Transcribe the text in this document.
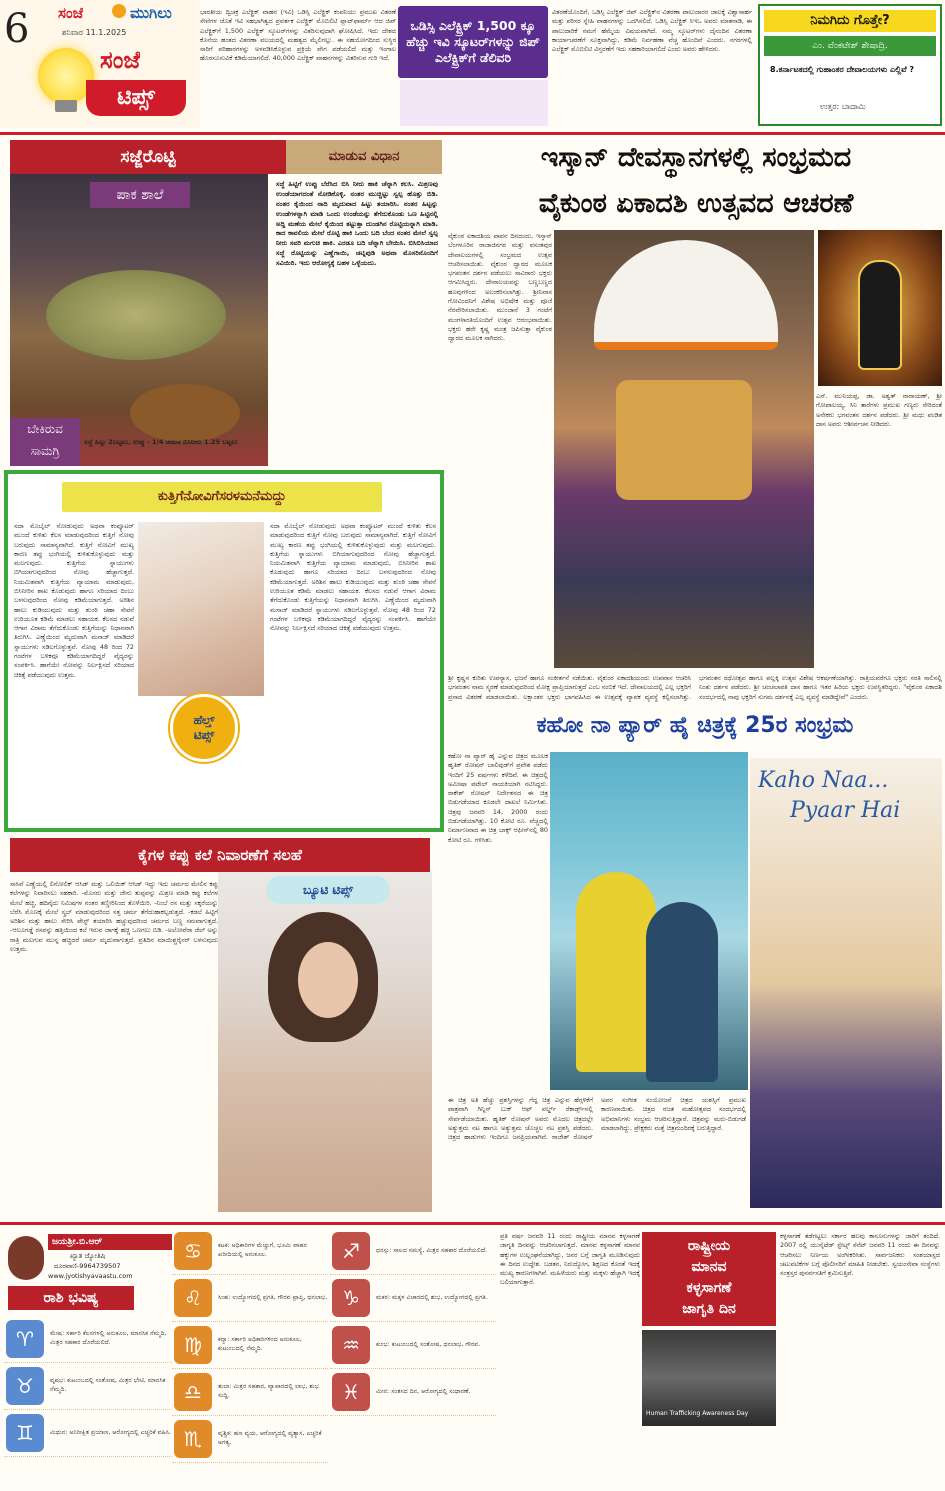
6 ಸಂಜೆ	ಮುಗಿಲು
ಶನಿವಾರ 11.1.2025
ಸಂಜೆ
ಟಿಪ್ಸ್
ಭಾರತೀಯ ದ್ವಿಚಕ್ರ ಎಲೆಕ್ಟ್ರಿಕ್ ವಾಹನ (ಇವಿ) ಒಡಿಸ್ಸಿ ಎಲೆಕ್ಟ್ರಿಕ್ ಕಂಪನಿಯು ಪ್ರಮುಖ ವಿತರಣೆ ಸೇವೆಗಳ ಜೊತೆ ಇವಿ ಸಹಭಾಗಿತ್ವದ ಪ್ರವರ್ತಕ ಎಲೆಕ್ಟ್ರಿಕ್ ಮೊಬಿಲಿಟಿ ಪ್ಲಾಟ್‌ಫಾರ್ಮ್ ಆದ ಜಿಪ್ ಎಲೆಕ್ಟ್ರಿಕ್‌ಗೆ 1,500 ಎಲೆಕ್ಟ್ರಿಕ್ ಸ್ಕೂಟರ್‌ಗಳನ್ನು ವಿತರಿಸುವುದಾಗಿ ಘೋಷಿಸಿದೆ. ಇದು ದೇಶದ ಕೊನೆಯ ಹಂತದ ವಿತರಣಾ ವಲಯದಲ್ಲಿ ಮಹತ್ವದ ಮೈಲಿಗಲ್ಲು. ಈ ಸಹಯೋಗದಿಂದ ಸುಸ್ಥಿರ ಸಾರಿಗೆ ಪರಿಹಾರಗಳನ್ನು ಅಳವಡಿಸಿಕೊಳ್ಳುವ ಪ್ರಕ್ರಿಯೆ ವೇಗ ಪಡೆಯಲಿದೆ ಮತ್ತು ಇಂಗಾಲ ಹೊರಸೂಸುವಿಕೆ ಕಡಿಮೆಯಾಗಲಿದೆ. 40,000 ಎಲೆಕ್ಟ್ರಿಕ್ ವಾಹನಗಳನ್ನು ವಿತರಿಸುವ ಗುರಿ ಇದೆ.
ಒಡಿಸ್ಸಿ ಎಲೆಕ್ಟ್ರಿಕ್ 1,500 ಕ್ಕೂ ಹೆಚ್ಚು ಇವಿ ಸ್ಕೂಟರ್‌ಗಳನ್ನು ಜಿಪ್ ಎಲೆಕ್ಟ್ರಿಕ್‌ಗೆ ಡೆಲಿವರಿ
ವಿತರಣೆಯೊಂದಿಗೆ, ಒಡಿಸ್ಸಿ ಎಲೆಕ್ಟ್ರಿಕ್ ಜಿಪ್ ಎಲೆಕ್ಟ್ರಿಕ್‌ನ ವಿತರಣಾ ಪಾಲುದಾರರ ಜಾಲಕ್ಕೆ ವಿಶ್ವಾಸಾರ್ಹ ಮತ್ತು ಪರಿಸರ ಸ್ನೇಹಿ ವಾಹನಗಳನ್ನು ಒದಗಿಸಲಿದೆ. ಒಡಿಸ್ಸಿ ಎಲೆಕ್ಟ್ರಿಕ್ ಸಿಇಒ ಅವರು ಮಾತನಾಡಿ, ಈ ಪಾಲುದಾರಿಕೆ ನಮಗೆ ಹೆಮ್ಮೆಯ ವಿಷಯವಾಗಿದೆ. ನಮ್ಮ ಸ್ಕೂಟರ್‌ಗಳು ದೈನಂದಿನ ವಿತರಣಾ ಕಾರ್ಯಾಚರಣೆಗೆ ಸೂಕ್ತವಾಗಿದ್ದು, ಕಡಿಮೆ ನಿರ್ವಹಣಾ ವೆಚ್ಚ ಹೊಂದಿವೆ ಎಂದರು. ನಗರಗಳಲ್ಲಿ ಎಲೆಕ್ಟ್ರಿಕ್ ಮೊಬಿಲಿಟಿ ವಿಸ್ತರಣೆಗೆ ಇದು ಸಹಕಾರಿಯಾಗಲಿದೆ ಎಂದು ಅವರು ಹೇಳಿದರು.
ನಿಮಗಿದು ಗೊತ್ತೇ?
ಎಂ. ವೆಂಕಟೇಶ್ ಶೇಷಾದ್ರಿ.
8.ಕರ್ನಾಟಕದಲ್ಲಿ ಗುಹಾಂತರ ದೇವಾಲಯಗಳು ಎಲ್ಲಿವೆ ?
ಉತ್ತರ: ಬಾದಾಮಿ
ಸಜ್ಜೆರೊಟ್ಟಿ	ಮಾಡುವ ವಿಧಾನ
ಪಾಕ ಶಾಲೆ
ಬೇಕಿರುವ
ಸಾಮಗ್ರಿ
ಸಜ್ಜೆ ಹಿಟ್ಟು 2ಬಟ್ಟಲು, ಉಪ್ಪು - 1/4 ಚಮಚ ಬಿಸಿನೀರು 1.25 ಬಟ್ಟಲು
ಸಜ್ಜೆ ಹಿಟ್ಟಿಗೆ ಉಪ್ಪು ಬೆರೆಸಿದ ಬಿಸಿ ನೀರು ಹಾಕಿ ಚೆನ್ನಾಗಿ ಕಲಸಿ. ಮಿಶ್ರಣವು ಉಂಡೆಯಾಗದಂತೆ ನೋಡಿಕೊಳ್ಳಿ. ನಂತರ ಮುಚ್ಚಿಟ್ಟು ಸ್ವಲ್ಪ ಹೊತ್ತು ಬಿಡಿ. ನಂತರ ಕೈಯಿಂದ ನಾದಿ ಮೃದುವಾದ ಹಿಟ್ಟು ತಯಾರಿಸಿ. ನಂತರ ಹಿಟ್ಟನ್ನು ಉಂಡೆಗಳನ್ನಾಗಿ ಮಾಡಿ ಒಂದು ಉಂಡೆಯನ್ನು ತೆಗೆದುಕೊಂಡು ಒಣ ಹಿಟ್ಟಿನಲ್ಲಿ ಅದ್ದಿ ಮಣೆಯ ಮೇಲೆ ಕೈಯಿಂದ ತಟ್ಟುತ್ತಾ ದುಂಡಗಿನ ರೊಟ್ಟಿಯನ್ನಾಗಿ ಮಾಡಿ. ಕಾದ ಕಾವಲಿಯ ಮೇಲೆ ರೊಟ್ಟಿ ಹಾಕಿ ಒಂದು ಬದಿ ಬೆಂದ ನಂತರ ಮೇಲೆ ಸ್ವಲ್ಪ ನೀರು ಸವರಿ ಮಗುಚಿ ಹಾಕಿ. ಎರಡೂ ಬದಿ ಚೆನ್ನಾಗಿ ಬೇಯಿಸಿ. ಬಿಸಿಬಿಸಿಯಾದ ಸಜ್ಜೆ ರೊಟ್ಟಿಯನ್ನು ಎಣ್ಣೆಗಾಯಿ, ಚಟ್ನಿಪುಡಿ ಅಥವಾ ಮೊಸರಿನೊಂದಿಗೆ ಸವಿಯಿರಿ. ಇದು ಆರೋಗ್ಯಕ್ಕೆ ಬಹಳ ಒಳ್ಳೆಯದು.
ಕುತ್ತಿಗೆನೋವಿಗೆಸರಳಮನೆಮದ್ದು
ಹೆಲ್ತ್
ಟಿಪ್ಸ್
ಸದಾ ಮೊಬೈಲ್ ನೋಡುವುದು ಅಥವಾ ಕಂಪ್ಯೂಟರ್ ಮುಂದೆ ಕುಳಿತು ಕೆಲಸ ಮಾಡುವುದರಿಂದ ಕುತ್ತಿಗೆ ನೋವು ಬರುವುದು ಸಾಮಾನ್ಯವಾಗಿದೆ. ಕುತ್ತಿಗೆ ನೋವಿಗೆ ಮುಖ್ಯ ಕಾರಣ ತಪ್ಪು ಭಂಗಿಯಲ್ಲಿ ಕುಳಿತುಕೊಳ್ಳುವುದು ಮತ್ತು ಮಲಗುವುದು. ಕುತ್ತಿಗೆಯ ಸ್ನಾಯುಗಳು ಬಿಗಿಯಾಗುವುದರಿಂದ ನೋವು ಹೆಚ್ಚಾಗುತ್ತದೆ. ನಿಯಮಿತವಾಗಿ ಕುತ್ತಿಗೆಯ ವ್ಯಾಯಾಮ ಮಾಡುವುದು, ಬಿಸಿನೀರಿನ ಶಾಖ ಕೊಡುವುದು ಹಾಗೂ ಸರಿಯಾದ ದಿಂಬು ಬಳಸುವುದರಿಂದ ನೋವು ಕಡಿಮೆಯಾಗುತ್ತದೆ. ಅರಿಶಿನ ಹಾಲು ಕುಡಿಯುವುದು ಮತ್ತು ಶುಂಠಿ ಚಹಾ ಸೇವನೆ ಉರಿಯೂತ ಕಡಿಮೆ ಮಾಡಲು ಸಹಾಯಕ. ಕೆಲಸದ ನಡುವೆ ಆಗಾಗ ವಿರಾಮ ತೆಗೆದುಕೊಂಡು ಕುತ್ತಿಗೆಯನ್ನು ನಿಧಾನವಾಗಿ ತಿರುಗಿಸಿ. ಎಣ್ಣೆಯಿಂದ ಮೃದುವಾಗಿ ಮಸಾಜ್ ಮಾಡಿದರೆ ಸ್ನಾಯುಗಳು ಸಡಿಲಗೊಳ್ಳುತ್ತವೆ. ನೋವು 48 ರಿಂದ 72 ಗಂಟೆಗಳ ಬಳಿಕವೂ ಕಡಿಮೆಯಾಗದಿದ್ದರೆ ವೈದ್ಯರನ್ನು ಸಂಪರ್ಕಿಸಿ. ಹಾಗೆಯೇ ನೋವನ್ನು ನಿರ್ಲಕ್ಷಿಸದೆ ಸರಿಯಾದ ಚಿಕಿತ್ಸೆ ಪಡೆಯುವುದು ಉತ್ತಮ.
ಸದಾ ಮೊಬೈಲ್ ನೋಡುವುದು ಅಥವಾ ಕಂಪ್ಯೂಟರ್ ಮುಂದೆ ಕುಳಿತು ಕೆಲಸ ಮಾಡುವುದರಿಂದ ಕುತ್ತಿಗೆ ನೋವು ಬರುವುದು ಸಾಮಾನ್ಯವಾಗಿದೆ. ಕುತ್ತಿಗೆ ನೋವಿಗೆ ಮುಖ್ಯ ಕಾರಣ ತಪ್ಪು ಭಂಗಿಯಲ್ಲಿ ಕುಳಿತುಕೊಳ್ಳುವುದು ಮತ್ತು ಮಲಗುವುದು. ಕುತ್ತಿಗೆಯ ಸ್ನಾಯುಗಳು ಬಿಗಿಯಾಗುವುದರಿಂದ ನೋವು ಹೆಚ್ಚಾಗುತ್ತದೆ. ನಿಯಮಿತವಾಗಿ ಕುತ್ತಿಗೆಯ ವ್ಯಾಯಾಮ ಮಾಡುವುದು, ಬಿಸಿನೀರಿನ ಶಾಖ ಕೊಡುವುದು ಹಾಗೂ ಸರಿಯಾದ ದಿಂಬು ಬಳಸುವುದರಿಂದ ನೋವು ಕಡಿಮೆಯಾಗುತ್ತದೆ. ಅರಿಶಿನ ಹಾಲು ಕುಡಿಯುವುದು ಮತ್ತು ಶುಂಠಿ ಚಹಾ ಸೇವನೆ ಉರಿಯೂತ ಕಡಿಮೆ ಮಾಡಲು ಸಹಾಯಕ. ಕೆಲಸದ ನಡುವೆ ಆಗಾಗ ವಿರಾಮ ತೆಗೆದುಕೊಂಡು ಕುತ್ತಿಗೆಯನ್ನು ನಿಧಾನವಾಗಿ ತಿರುಗಿಸಿ. ಎಣ್ಣೆಯಿಂದ ಮೃದುವಾಗಿ ಮಸಾಜ್ ಮಾಡಿದರೆ ಸ್ನಾಯುಗಳು ಸಡಿಲಗೊಳ್ಳುತ್ತವೆ. ನೋವು 48 ರಿಂದ 72 ಗಂಟೆಗಳ ಬಳಿಕವೂ ಕಡಿಮೆಯಾಗದಿದ್ದರೆ ವೈದ್ಯರನ್ನು ಸಂಪರ್ಕಿಸಿ. ಹಾಗೆಯೇ ನೋವನ್ನು ನಿರ್ಲಕ್ಷಿಸದೆ ಸರಿಯಾದ ಚಿಕಿತ್ಸೆ ಪಡೆಯುವುದು ಉತ್ತಮ.
ಕೈಗಳ ಕಪ್ಪು ಕಲೆ ನಿವಾರಣೆಗೆ ಸಲಹೆ
ಸಾಸಿವೆ ಎಣ್ಣೆಯಲ್ಲಿ ಲಿನೋಲಿಕ್ ಆಸಿಡ್ ಮತ್ತು ಒಲಿಯಿಕ್ ಆಸಿಡ್ ಇದ್ದು ಇದು ಚರ್ಮದ ಮೇಲಿನ ಕಪ್ಪು ಕಲೆಗಳನ್ನು ನಿವಾರಿಸಲು ಸಹಕಾರಿ. -ಮೊಸರು ಮತ್ತು ಜೇನು ತುಪ್ಪವನ್ನು ಮಿಶ್ರಣ ಮಾಡಿ ಕಪ್ಪು ಕಲೆಗಳ ಮೇಲೆ ಹಚ್ಚಿ, ಹದಿನೈದು ನಿಮಿಷಗಳ ನಂತರ ತಣ್ಣೀರಿನಿಂದ ತೊಳೆಯಿರಿ. -ನಿಂಬೆ ರಸ ಮತ್ತು ಸಕ್ಕರೆಯನ್ನು ಬೆರೆಸಿ ಮೊಣಕೈ ಮೇಲೆ ಸ್ಕ್ರಬ್ ಮಾಡುವುದರಿಂದ ಸತ್ತ ಚರ್ಮ ತೆಗೆದುಹಾಕಲ್ಪಡುತ್ತದೆ. -ಕಡಲೆ ಹಿಟ್ಟಿಗೆ ಅರಿಶಿನ ಮತ್ತು ಹಾಲು ಸೇರಿಸಿ ಪೇಸ್ಟ್ ತಯಾರಿಸಿ ಹಚ್ಚುವುದರಿಂದ ಚರ್ಮದ ಬಣ್ಣ ಸಮವಾಗುತ್ತದೆ. -ಆಲೂಗಡ್ಡೆ ರಸವನ್ನು ಹತ್ತಿಯಿಂದ ಕಲೆ ಇರುವ ಜಾಗಕ್ಕೆ ಹಚ್ಚಿ ಒಣಗಲು ಬಿಡಿ. -ಅಲೋವೆರಾ ಜೆಲ್ ಅನ್ನು ರಾತ್ರಿ ಮಲಗುವ ಮುನ್ನ ಹಚ್ಚಿದರೆ ಚರ್ಮ ಮೃದುವಾಗುತ್ತದೆ. ಪ್ರತಿದಿನ ಮಾಯಿಶ್ಚರೈಸರ್ ಬಳಸುವುದು ಉತ್ತಮ.
ಬ್ಯೂಟಿ ಟಿಪ್ಸ್
ಇಸ್ಕಾನ್ ದೇವಸ್ಥಾನಗಳಲ್ಲಿ ಸಂಭ್ರಮದ
ವೈಕುಂಠ ಏಕಾದಶಿ ಉತ್ಸವದ ಆಚರಣೆ
ವೈಕುಂಠ ಏಕಾದಶಿಯ ಪಾವನ ದಿನದಂದು, ಇಸ್ಕಾನ್ ಬೆಂಗಳೂರಿನ ರಾಜಾಜಿನಗರ ಮತ್ತು ವಸಂತಪುರ ದೇವಾಲಯಗಳಲ್ಲಿ ಸಂಭ್ರಮದ ಉತ್ಸವ ಆಚರಿಸಲಾಯಿತು. ವೈಕುಂಠ ದ್ವಾರದ ಮೂಲಕ ಭಗವಂತನ ದರ್ಶನ ಪಡೆಯಲು ಸಾವಿರಾರು ಭಕ್ತರು ಆಗಮಿಸಿದ್ದರು. ದೇವಾಲಯವನ್ನು ಬಣ್ಣಬಣ್ಣದ ಹೂವುಗಳಿಂದ ಅಲಂಕರಿಸಲಾಗಿತ್ತು. ಶ್ರೀನಿವಾಸ ಗೋವಿಂದನಿಗೆ ವಿಶೇಷ ಅಭಿಷೇಕ ಮತ್ತು ಪೂಜೆ ನೆರವೇರಿಸಲಾಯಿತು. ಮುಂಜಾನೆ 3 ಗಂಟೆಗೆ ಮಂಗಳಾರತಿಯೊಂದಿಗೆ ಉತ್ಸವ ಆರಂಭವಾಯಿತು. ಭಕ್ತರು ಹರೇ ಕೃಷ್ಣ ಮಂತ್ರ ಜಪಿಸುತ್ತಾ ವೈಕುಂಠ ದ್ವಾರದ ಮೂಲಕ ಸಾಗಿದರು.
ಎಸ್. ಮುನಿಯಪ್ಪ, ಡಾ. ಅಶ್ವತ್ ನಾರಾಯಣ್, ಶ್ರೀ ಗೋಪಾಲಯ್ಯ, ಸಿನಿ ತಾರೆಗಳು ಪ್ರಮುಖ ಗಣ್ಯರು ಸೇರಿದಂತೆ ಅನೇಕರು ಭಗವಂತನ ದರ್ಶನ ಪಡೆದರು. ಶ್ರೀ ಮಧು ಪಂಡಿತ ದಾಸ ಅವರು ಆಶೀರ್ವಚನ ನೀಡಿದರು.
ಶ್ರೀ ಕೃಷ್ಣನ ಕುರಿತು ಉಪನ್ಯಾಸ, ಭಜನೆ ಹಾಗೂ ಸಂಕೀರ್ತನೆ ನಡೆಯಿತು. ವೈಕುಂಠ ಏಕಾದಶಿಯಂದು ಉಪವಾಸ ಆಚರಿಸಿ ಭಗವಂತನ ನಾಮ ಸ್ಮರಣೆ ಮಾಡುವುದರಿಂದ ಮೋಕ್ಷ ಪ್ರಾಪ್ತಿಯಾಗುತ್ತದೆ ಎಂಬ ನಂಬಿಕೆ ಇದೆ. ದೇವಾಲಯದಲ್ಲಿ ಎಲ್ಲ ಭಕ್ತರಿಗೆ ಪ್ರಸಾದ ವಿತರಣೆ ಮಾಡಲಾಯಿತು. ಲಕ್ಷಾಂತರ ಭಕ್ತರು ಭಾಗವಹಿಸಿದ ಈ ಉತ್ಸವಕ್ಕೆ ವ್ಯಾಪಕ ವ್ಯವಸ್ಥೆ ಕಲ್ಪಿಸಲಾಗಿತ್ತು. ಭಗವಂತನ ರಥೋತ್ಸವ ಹಾಗೂ ಪಲ್ಲಕ್ಕಿ ಉತ್ಸವ ವಿಶೇಷ ಆಕರ್ಷಣೆಯಾಗಿತ್ತು. ರಾತ್ರಿಯವರೆಗೂ ಭಕ್ತರು ಸರತಿ ಸಾಲಿನಲ್ಲಿ ನಿಂತು ದರ್ಶನ ಪಡೆದರು. ಶ್ರೀ ಚಂಚಲಾಪತಿ ದಾಸ ಹಾಗೂ ಇತರ ಹಿರಿಯ ಭಕ್ತರು ಉಪಸ್ಥಿತರಿದ್ದರು. "ವೈಕುಂಠ ಏಕಾದಶಿ ಸಂದರ್ಭದಲ್ಲಿ ನಾವು ಭಕ್ತರಿಗೆ ಸುಗಮ ದರ್ಶನಕ್ಕೆ ಎಲ್ಲ ವ್ಯವಸ್ಥೆ ಮಾಡಿದ್ದೇವೆ" ಎಂದರು.
ಕಹೋ ನಾ ಪ್ಯಾರ್ ಹೈ ಚಿತ್ರಕ್ಕೆ 25ರ ಸಂಭ್ರಮ
ಕಹೋ ನಾ ಪ್ಯಾರ್ ಹೈ ಎನ್ನುವ ಚಿತ್ರದ ಮೂಲಕ ಹೃತಿಕ್ ರೋಷನ್ ಬಾಲಿವುಡ್‌ಗೆ ಪ್ರವೇಶ ಪಡೆದು ಇಂದಿಗೆ 25 ವರ್ಷಗಳು ಕಳೆದಿವೆ. ಈ ಚಿತ್ರದಲ್ಲಿ ಅಮೀಷಾ ಪಟೇಲ್ ನಾಯಕಿಯಾಗಿ ನಟಿಸಿದ್ದರು. ರಾಕೇಶ್ ರೋಷನ್ ನಿರ್ದೇಶನದ ಈ ಚಿತ್ರ ಬಿಡುಗಡೆಯಾದ ಕೂಡಲೇ ದಾಖಲೆ ನಿರ್ಮಿಸಿತು. ಚಿತ್ರವು ಜನವರಿ 14, 2000 ರಂದು ಬಿಡುಗಡೆಯಾಗಿತ್ತು. 10 ಕೋಟಿ ರೂ. ವೆಚ್ಚದಲ್ಲಿ ನಿರ್ಮಾಣವಾದ ಈ ಚಿತ್ರ ಬಾಕ್ಸ್ ಆಫೀಸ್‌ನಲ್ಲಿ 80 ಕೋಟಿ ರೂ. ಗಳಿಸಿತು.
Kaho Naa...
Pyaar Hai
ಈ ಚಿತ್ರ ಅತಿ ಹೆಚ್ಚು ಪ್ರಶಸ್ತಿಗಳನ್ನು ಗೆದ್ದ ಚಿತ್ರ ಎನ್ನುವ ಹೆಗ್ಗಳಿಕೆಗೆ ಪಾತ್ರವಾಗಿ ಗಿನ್ನಿಸ್ ಬುಕ್ ಆಫ್ ವರ್ಲ್ಡ್ ರೆಕಾರ್ಡ್ಸ್‌ನಲ್ಲಿ ಸೇರ್ಪಡೆಯಾಯಿತು. ಹೃತಿಕ್ ರೋಷನ್ ಅವರು ಮೊದಲ ಚಿತ್ರದಲ್ಲೇ ಅತ್ಯುತ್ತಮ ನಟ ಹಾಗೂ ಅತ್ಯುತ್ತಮ ಚೊಚ್ಚಲ ನಟ ಪ್ರಶಸ್ತಿ ಪಡೆದರು. ಚಿತ್ರದ ಹಾಡುಗಳು ಇಂದಿಗೂ ಜನಪ್ರಿಯವಾಗಿವೆ. ರಾಜೇಶ್ ರೋಷನ್ ಅವರ ಸಂಗೀತ ಸಂಯೋಜನೆ ಚಿತ್ರದ ಯಶಸ್ಸಿಗೆ ಪ್ರಮುಖ ಕಾರಣವಾಯಿತು. ಚಿತ್ರದ ರಜತ ಮಹೋತ್ಸವದ ಸಂದರ್ಭದಲ್ಲಿ ಅಭಿಮಾನಿಗಳು ಸಂಭ್ರಮ ಆಚರಿಸುತ್ತಿದ್ದಾರೆ. ಚಿತ್ರವನ್ನು ಮರು-ಬಿಡುಗಡೆ ಮಾಡಲಾಗಿದ್ದು, ಪ್ರೇಕ್ಷಕರು ಮತ್ತೆ ಚಿತ್ರಮಂದಿರಕ್ಕೆ ಬರುತ್ತಿದ್ದಾರೆ.
ಜಯಶ್ರೀ.ಬಿ.ಆರ್
ಖ್ಯಾತ ಜ್ಯೋತಿಷಿ
ದೂರವಾಣಿ-9964739507
www.jyotishyavaastu.com
ರಾಶಿ ಭವಿಷ್ಯ
♈	ಮೇಷ: ಸರ್ಕಾರಿ ಕೆಲಸಗಳಲ್ಲಿ ಅನುಕೂಲ, ಮಾನಸಿಕ ನೆಮ್ಮದಿ, ಮಿತ್ರರ ಸಹಕಾರ ದೊರೆಯಲಿದೆ.
♉	ವೃಷಭ: ಕುಟುಂಬದಲ್ಲಿ ಸಂತೋಷ, ಮಿತ್ರರ ಭೇಟಿ, ಮಾನಸಿಕ ನೆಮ್ಮದಿ.
♊	ಮಿಥುನ: ಅನಿರೀಕ್ಷಿತ ಪ್ರಯಾಣ, ಆರೋಗ್ಯದಲ್ಲಿ ಎಚ್ಚರಿಕೆ ವಹಿಸಿ.
♋	ಕಟಕ: ಅಧಿಕಾರಿಗಳ ಮೆಚ್ಚುಗೆ, ಭೂಮಿ ವಾಹನ ಖರೀದಿಯಲ್ಲಿ ಅನುಕೂಲ.
♌	ಸಿಂಹ: ಉದ್ಯೋಗದಲ್ಲಿ ಪ್ರಗತಿ, ಗೌರವ ಪ್ರಾಪ್ತಿ, ಧನಲಾಭ.
♍	ಕನ್ಯಾ: ಸರ್ಕಾರಿ ಅಧಿಕಾರಿಗಳಿಂದ ಅನುಕೂಲ, ಕುಟುಂಬದಲ್ಲಿ ನೆಮ್ಮದಿ.
♎	ತುಲಾ: ಮಿತ್ರರ ಸಹಕಾರ, ವ್ಯಾಪಾರದಲ್ಲಿ ಲಾಭ, ಶುಭ ಸುದ್ದಿ.
♏	ವೃಶ್ಚಿಕ: ಹಣ ವ್ಯಯ, ಆರೋಗ್ಯದಲ್ಲಿ ವ್ಯತ್ಯಾಸ, ಎಚ್ಚರಿಕೆ ಅಗತ್ಯ.
♐	ಧನಸ್ಸು: ಸಾಲದ ಸಮಸ್ಯೆ, ಮಿತ್ರರ ಸಹಕಾರ ದೊರೆಯಲಿದೆ.
♑	ಮಕರ: ಮಕ್ಕಳ ವಿಚಾರದಲ್ಲಿ ಶುಭ, ಉದ್ಯೋಗದಲ್ಲಿ ಪ್ರಗತಿ.
♒	ಕುಂಭ: ಕುಟುಂಬದಲ್ಲಿ ಸಂತೋಷ, ಧನಲಾಭ, ಗೌರವ.
♓	ಮೀನ: ಸಂತಸದ ದಿನ, ಆರೋಗ್ಯದಲ್ಲಿ ಸುಧಾರಣೆ.
ಪ್ರತಿ ವರ್ಷ ಜನವರಿ 11 ರಂದು ರಾಷ್ಟ್ರೀಯ ಮಾನವ ಕಳ್ಳಸಾಗಣೆ ಜಾಗೃತಿ ದಿನವನ್ನು ಆಚರಿಸಲಾಗುತ್ತದೆ. ಮಾನವ ಕಳ್ಳಸಾಗಣೆ ಮಾನವ ಹಕ್ಕುಗಳ ಉಲ್ಲಂಘನೆಯಾಗಿದ್ದು, ಜನರ ಬಗ್ಗೆ ಜಾಗೃತಿ ಮೂಡಿಸುವುದು ಈ ದಿನದ ಉದ್ದೇಶ. ಬಡತನ, ನಿರುದ್ಯೋಗ, ಶಿಕ್ಷಣದ ಕೊರತೆ ಇದಕ್ಕೆ ಮುಖ್ಯ ಕಾರಣಗಳಾಗಿವೆ. ಮಹಿಳೆಯರು ಮತ್ತು ಮಕ್ಕಳು ಹೆಚ್ಚಾಗಿ ಇದಕ್ಕೆ ಬಲಿಯಾಗುತ್ತಾರೆ.
ರಾಷ್ಟ್ರೀಯ
ಮಾನವ
ಕಳ್ಳಸಾಗಣೆ
ಜಾಗೃತಿ ದಿನ
Human Trafficking Awareness Day
ಕಳ್ಳಸಾಗಣೆ ತಡೆಗಟ್ಟಲು ಸರ್ಕಾರ ಹಲವು ಕಾನೂನುಗಳನ್ನು ಜಾರಿಗೆ ತಂದಿದೆ. 2007 ರಲ್ಲಿ ಯುನೈಟೆಡ್ ಸ್ಟೇಟ್ಸ್ ಸೆನೆಟ್ ಜನವರಿ 11 ರಂದು ಈ ದಿನವನ್ನು ಆಚರಿಸಲು ನಿರ್ಣಯ ಅಂಗೀಕರಿಸಿತು. ಸಾರ್ವಜನಿಕರು ಸಂಶಯಾಸ್ಪದ ಚಟುವಟಿಕೆಗಳ ಬಗ್ಗೆ ಪೊಲೀಸರಿಗೆ ಮಾಹಿತಿ ನೀಡಬೇಕು. ಸ್ವಯಂಸೇವಾ ಸಂಸ್ಥೆಗಳು ಸಂತ್ರಸ್ತರ ಪುನರ್ವಸತಿಗೆ ಶ್ರಮಿಸುತ್ತಿವೆ.
